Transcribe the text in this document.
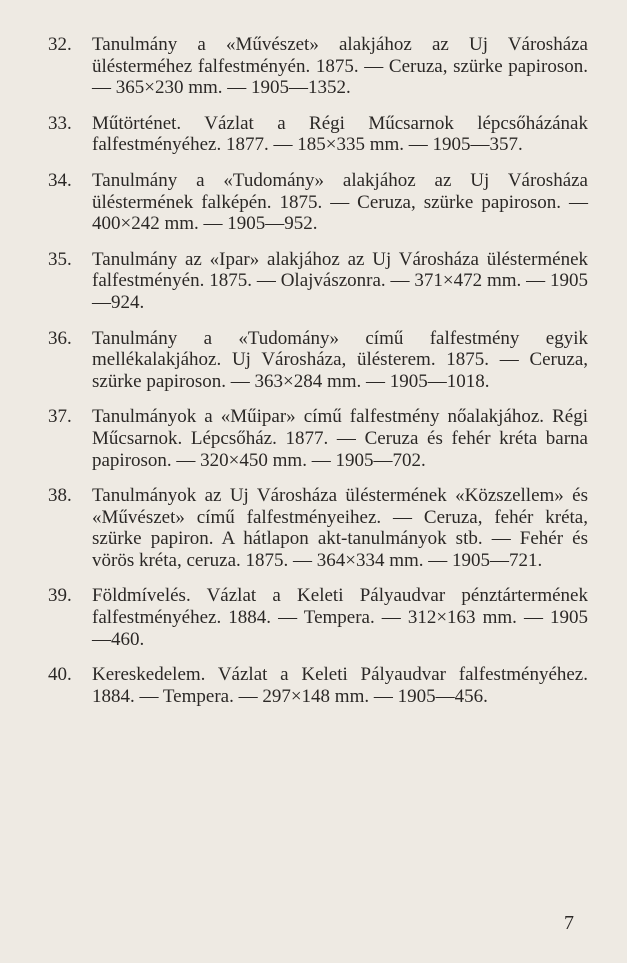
32.	Tanulmány a «Művészet» alakjához az Uj Városháza ülésterméhez falfestményén. 1875. — Ceruza, szürke papiroson. — 365×230 mm. — 1905—1352.
33.	Műtörténet. Vázlat a Régi Műcsarnok lépcsőházának falfestményéhez. 1877. — 185×335 mm. — 1905—357.
34.	Tanulmány a «Tudomány» alakjához az Uj Városháza üléstermének falképén. 1875. — Ceruza, szürke papiroson. — 400×242 mm. — 1905—952.
35.	Tanulmány az «Ipar» alakjához az Uj Városháza üléstermének falfestményén. 1875. — Olajvászonra. — 371×472 mm. — 1905—924.
36.	Tanulmány a «Tudomány» című falfestmény egyik mellékalakjához. Uj Városháza, ülésterem. 1875. — Ceruza, szürke papiroson. — 363×284 mm. — 1905—1018.
37.	Tanulmányok a «Műipar» című falfestmény nőalakjához. Régi Műcsarnok. Lépcsőház. 1877. — Ceruza és fehér kréta barna papiroson. — 320×450 mm. — 1905—702.
38.	Tanulmányok az Uj Városháza üléstermének «Közszellem» és «Művészet» című falfestményeihez. — Ceruza, fehér kréta, szürke papiron. A hátlapon akt-tanulmányok stb. — Fehér és vörös kréta, ceruza. 1875. — 364×334 mm. — 1905—721.
39.	Földmívelés. Vázlat a Keleti Pályaudvar pénztártermének falfestményéhez. 1884. — Tempera. — 312×163 mm. — 1905—460.
40.	Kereskedelem. Vázlat a Keleti Pályaudvar falfestményéhez. 1884. — Tempera. — 297×148 mm. — 1905—456.
7
